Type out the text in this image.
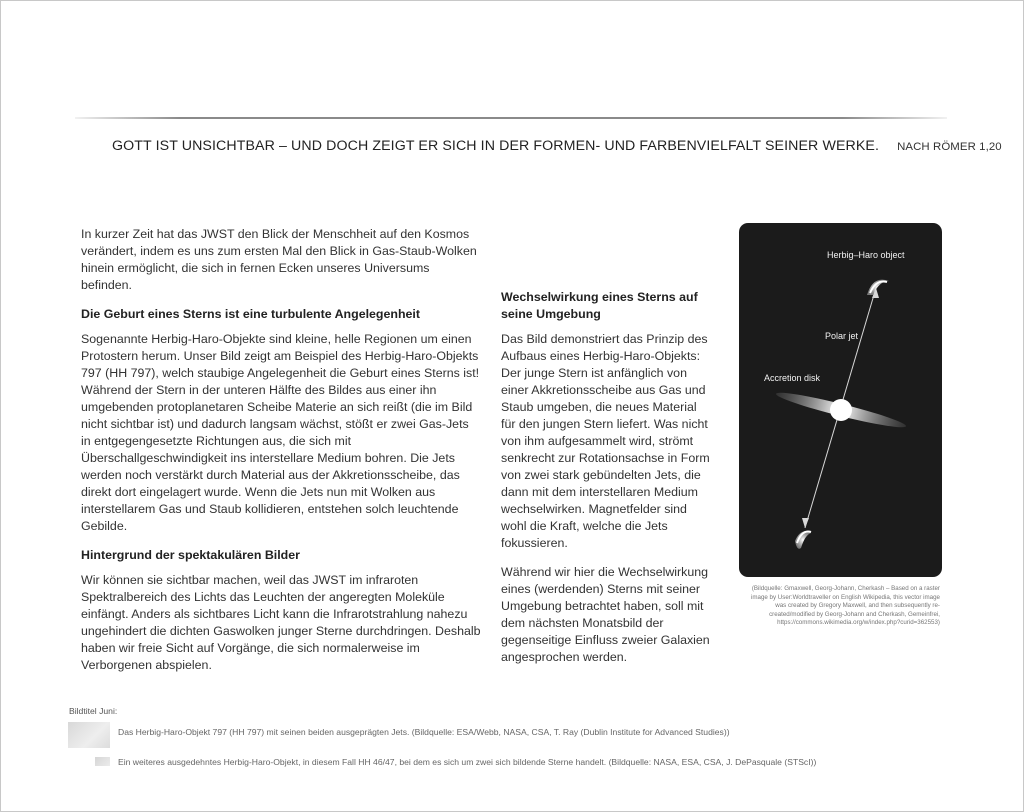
GOTT IST UNSICHTBAR – UND DOCH ZEIGT ER SICH IN DER FORMEN- UND FARBENVIELFALT SEINER WERKE. NACH RÖMER 1,20

In kurzer Zeit hat das JWST den Blick der Menschheit auf den Kosmos verändert, indem es uns zum ersten Mal den Blick in Gas-Staub-Wolken hinein ermöglicht, die sich in fernen Ecken unseres Universums befinden.

Die Geburt eines Sterns ist eine turbulente Angelegenheit

Sogenannte Herbig-Haro-Objekte sind kleine, helle Regionen um einen Protostern herum. Unser Bild zeigt am Beispiel des Herbig-Haro-Objekts 797 (HH 797), welch staubige Angelegenheit die Geburt eines Sterns ist! Während der Stern in der unteren Hälfte des Bildes aus einer ihn umgebenden protoplanetaren Scheibe Materie an sich reißt (die im Bild nicht sichtbar ist) und dadurch langsam wächst, stößt er zwei Gas-Jets in entgegengesetzte Richtungen aus, die sich mit Überschallgeschwindigkeit ins interstellare Medium bohren. Die Jets werden noch verstärkt durch Material aus der Akkretionsscheibe, das direkt dort eingelagert wurde. Wenn die Jets nun mit Wolken aus interstellarem Gas und Staub kollidieren, entstehen solch leuchtende Gebilde.

Hintergrund der spektakulären Bilder

Wir können sie sichtbar machen, weil das JWST im infraroten Spektralbereich des Lichts das Leuchten der angeregten Moleküle einfängt. Anders als sichtbares Licht kann die Infrarotstrahlung nahezu ungehindert die dichten Gaswolken junger Sterne durchdringen. Deshalb haben wir freie Sicht auf Vorgänge, die sich normalerweise im Verborgenen abspielen.

Wechselwirkung eines Sterns auf seine Umgebung

Das Bild demonstriert das Prinzip des Aufbaus eines Herbig-Haro-Objekts: Der junge Stern ist anfänglich von einer Akkretionsscheibe aus Gas und Staub umgeben, die neues Material für den jungen Stern liefert. Was nicht von ihm aufgesammelt wird, strömt senkrecht zur Rotationsachse in Form von zwei stark gebündelten Jets, die dann mit dem interstellaren Medium wechselwirken. Magnetfelder sind wohl die Kraft, welche die Jets fokussieren.

Während wir hier die Wechselwirkung eines (werdenden) Sterns mit seiner Umgebung betrachtet haben, soll mit dem nächsten Monatsbild der gegenseitige Einfluss zweier Galaxien angesprochen werden.

Herbig–Haro object
Polar jet
Accretion disk
(Bildquelle: Gmaxwell, Georg-Johann, Cherkash – Based on a raster image by User:Worldtraveller on English Wikipedia, this vector image was created by Gregory Maxwell, and then subsequently re-created/modified by Georg-Johann and Cherkash, Gemeinfrei, https://commons.wikimedia.org/w/index.php?curid=362553)
Bildtitel Juni:
Das Herbig-Haro-Objekt 797 (HH 797) mit seinen beiden ausgeprägten Jets. (Bildquelle: ESA/Webb, NASA, CSA, T. Ray (Dublin Institute for Advanced Studies))
Ein weiteres ausgedehntes Herbig-Haro-Objekt, in diesem Fall HH 46/47, bei dem es sich um zwei sich bildende Sterne handelt. (Bildquelle: NASA, ESA, CSA, J. DePasquale (STScI))
